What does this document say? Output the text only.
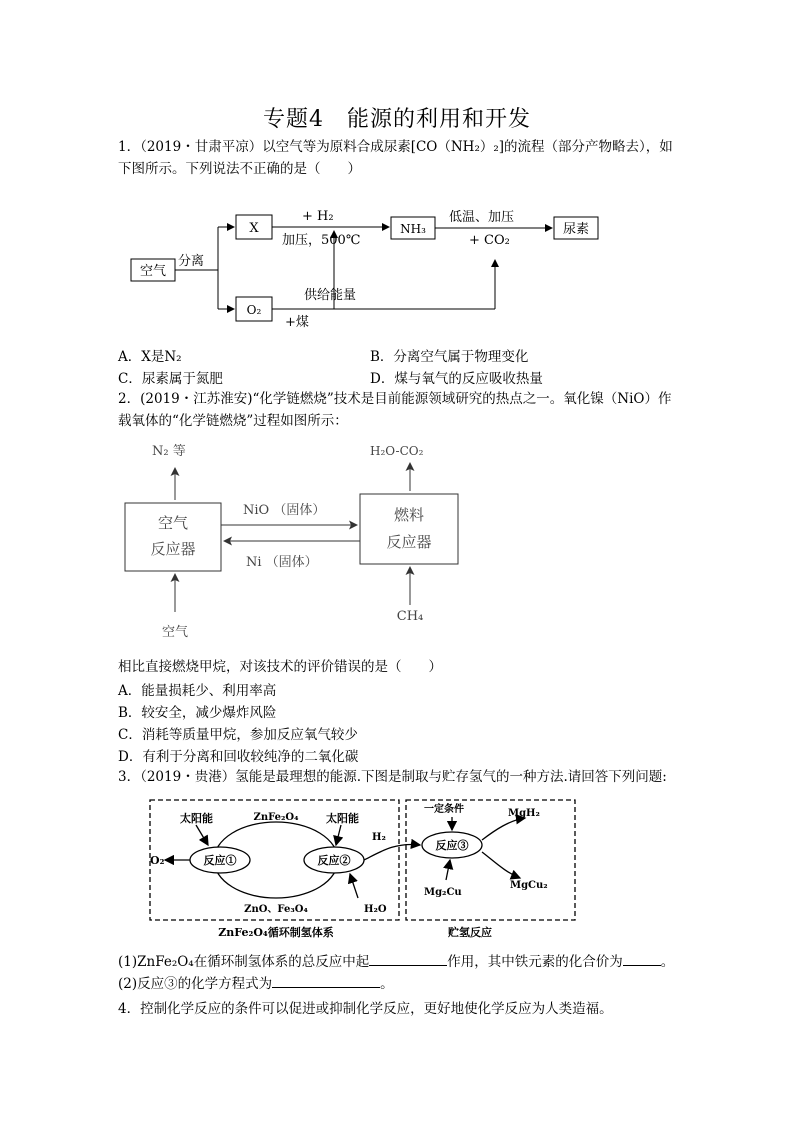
专题4　能源的利用和开发
1．（2019・甘肃平凉）以空气等为原料合成尿素[CO（NH₂）₂]的流程（部分产物略去），如
下图所示。下列说法不正确的是（　　）
空气
分离
X
+ H₂
加压，500℃
NH₃
低温、加压
+ CO₂
尿素
O₂
供给能量
+煤
A．X是N₂	B．分离空气属于物理变化
C．尿素属于氮肥	D．煤与氧气的反应吸收热量
2．(2019・江苏淮安)“化学链燃烧”技术是目前能源领域研究的热点之一。氧化镍（NiO）作
载氧体的“化学链燃烧”过程如图所示：
N₂ 等	H₂O-CO₂
空气
反应器
燃料
反应器
NiO （固体）
Ni （固体）
空气
CH₄
相比直接燃烧甲烷，对该技术的评价错误的是（　　）
A．能量损耗少、利用率高
B．较安全，减少爆炸风险
C．消耗等质量甲烷，参加反应氧气较少
D．有利于分离和回收较纯净的二氧化碳
3．（2019・贵港）氢能是最理想的能源.下图是制取与贮存氢气的一种方法.请回答下列问题:
太阳能	太阳能
ZnFe₂O₄
O₂	反应①	反应②
H₂
H₂O
ZnO、Fe₃O₄
一定条件
反应③
MgH₂
Mg₂Cu
MgCu₂
ZnFe₂O₄循环制氢体系	贮氢反应
(1)ZnFe₂O₄在循环制氢体系的总反应中起	作用，其中铁元素的化合价为	。
(2)反应③的化学方程式为	。
4．控制化学反应的条件可以促进或抑制化学反应，更好地使化学反应为人类造福。
